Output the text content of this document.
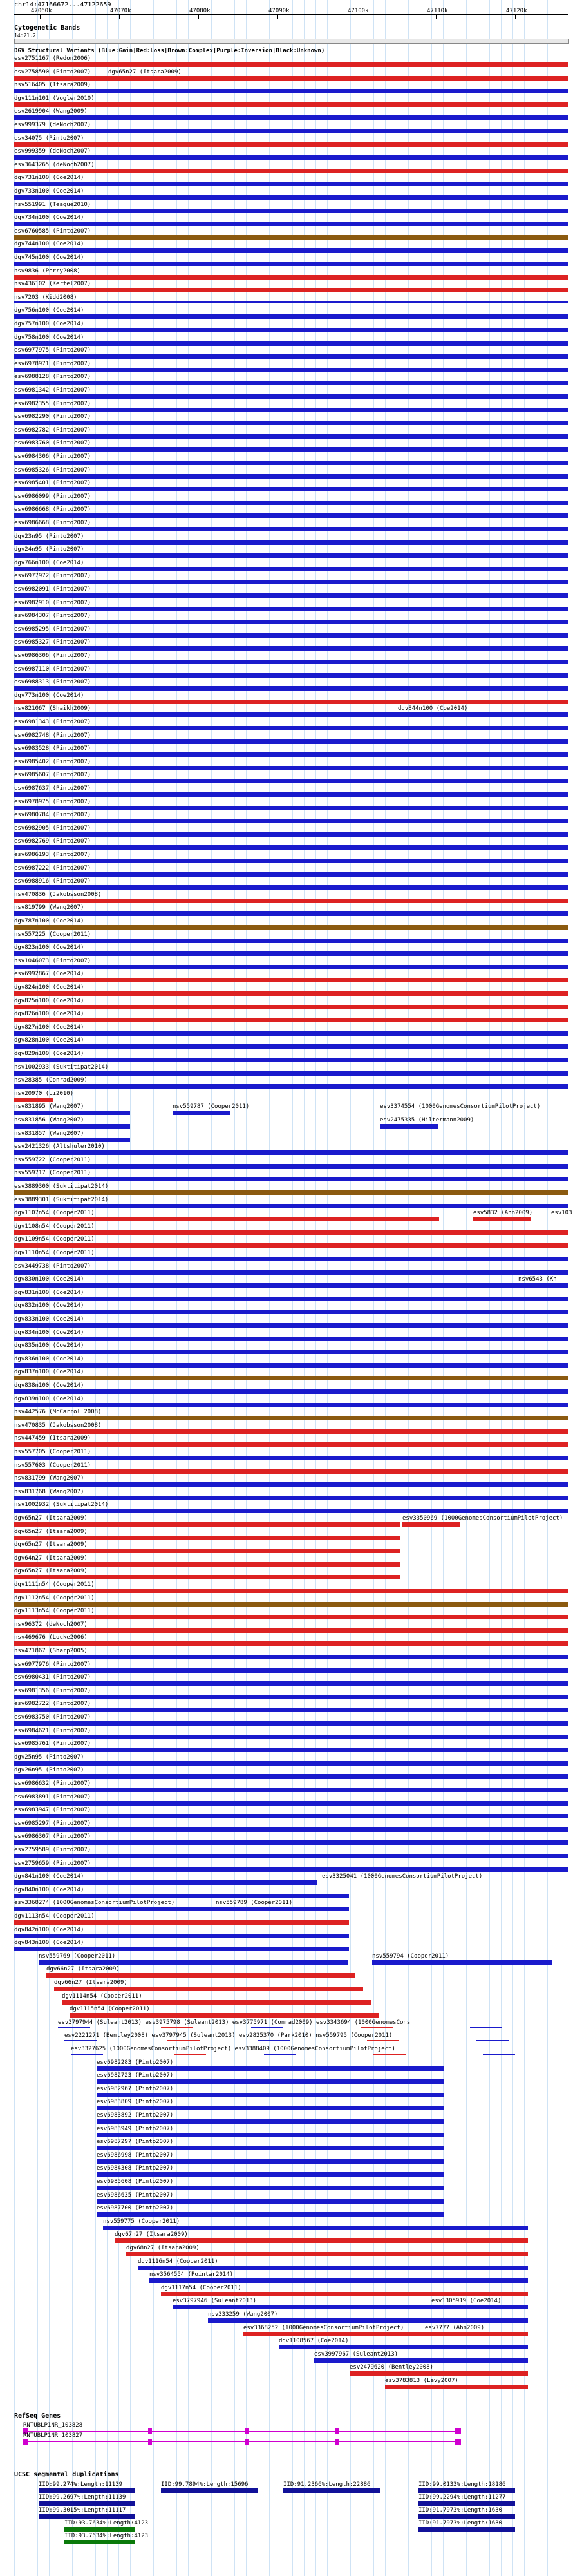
chr14:47166672...47122659
47060k	47070k	47080k	47090k	47100k	47110k	47120k
Cytogenetic Bands
14q21.2
DGV Structural Variants (Blue:Gain|Red:Loss|Brown:Complex|Purple:Inversion|Black:Unknown)
esv2751167 (Redon2006)
esv2758590 (Pinto2007)	dgv65n27 (Itsara2009)
nsv516405 (Itsara2009)
dgv111n101 (Vogler2010)
esv2619904 (Wang2009)
esv999379 (deNoch2007)
esv34075 (Pinto2007)
esv999359 (deNoch2007)
esv3643265 (deNoch2007)
dgv731n100 (Coe2014)
dgv733n100 (Coe2014)
nsv551991 (Teague2010)
dgv734n100 (Coe2014)
esv6760585 (Pinto2007)
dgv744n100 (Coe2014)
dgv745n100 (Coe2014)
nsv9836 (Perry2008)
nsv436102 (Kertel2007)
nsv7203 (Kidd2008)
dgv756n100 (Coe2014)
dgv757n100 (Coe2014)
dgv758n100 (Coe2014)
esv6977975 (Pinto2007)
esv6978971 (Pinto2007)
esv6988128 (Pinto2007)
esv6981342 (Pinto2007)
esv6982355 (Pinto2007)
esv6982290 (Pinto2007)
esv6982782 (Pinto2007)
esv6983760 (Pinto2007)
esv6984306 (Pinto2007)
esv6985326 (Pinto2007)
esv6985401 (Pinto2007)
esv6986099 (Pinto2007)
esv6986668 (Pinto2007)
esv6986668 (Pinto2007)
dgv23n95 (Pinto2007)
dgv24n95 (Pinto2007)
dgv766n100 (Coe2014)
esv6977972 (Pinto2007)
esv6982091 (Pinto2007)
esv6982910 (Pinto2007)
esv6984307 (Pinto2007)
esv6985295 (Pinto2007)
esv6985327 (Pinto2007)
esv6986306 (Pinto2007)
esv6987110 (Pinto2007)
esv6988313 (Pinto2007)
dgv773n100 (Coe2014)
nsv821067 (Shaikh2009)	dgv844n100 (Coe2014)
esv6981343 (Pinto2007)
esv6982748 (Pinto2007)
esv6983528 (Pinto2007)
esv6985402 (Pinto2007)
esv6985607 (Pinto2007)
esv6987637 (Pinto2007)
esv6978975 (Pinto2007)
esv6980784 (Pinto2007)
esv6982905 (Pinto2007)
esv6982769 (Pinto2007)
esv6986193 (Pinto2007)
esv6987222 (Pinto2007)
esv6988916 (Pinto2007)
nsv470836 (Jakobsson2008)
nsv819799 (Wang2007)
dgv787n100 (Coe2014)
nsv557225 (Cooper2011)
dgv823n100 (Coe2014)
nsv1046073 (Pinto2007)
esv6992867 (Coe2014)
dgv824n100 (Coe2014)
dgv825n100 (Coe2014)
dgv826n100 (Coe2014)
dgv827n100 (Coe2014)
dgv828n100 (Coe2014)
dgv829n100 (Coe2014)
nsv1002933 (Suktitipat2014)
nsv28385 (Conrad2009)
nsv20970 (Li2010)
nsv831895 (Wang2007)	nsv559787 (Cooper2011)	esv3374554 (1000GenomesConsortiumPilotProject)
nsv831856 (Wang2007)	esv2475335 (Hiltermann2009)
nsv831857 (Wang2007)
esv2421326 (Altshuler2010)
nsv559722 (Cooper2011)
nsv559717 (Cooper2011)
esv3889300 (Suktitipat2014)
esv3889301 (Suktitipat2014)
dgv1107n54 (Cooper2011)	esv5832 (Ahn2009)	esv103
dgv1108n54 (Cooper2011)
dgv1109n54 (Cooper2011)
dgv1110n54 (Cooper2011)
esv3449738 (Pinto2007)
dgv830n100 (Coe2014)	nsv6543 (Kh
dgv831n100 (Coe2014)
dgv832n100 (Coe2014)
dgv833n100 (Coe2014)
dgv834n100 (Coe2014)
dgv835n100 (Coe2014)
dgv836n100 (Coe2014)
dgv837n100 (Coe2014)
dgv838n100 (Coe2014)
dgv839n100 (Coe2014)
nsv442576 (McCarroll2008)
nsv470835 (Jakobsson2008)
nsv447459 (Itsara2009)
nsv557705 (Cooper2011)
nsv557603 (Cooper2011)
nsv831799 (Wang2007)
nsv831768 (Wang2007)
nsv1002932 (Suktitipat2014)
dgv65n27 (Itsara2009)	esv3350969 (1000GenomesConsortiumPilotProject)
dgv65n27 (Itsara2009)
dgv65n27 (Itsara2009)
dgv64n27 (Itsara2009)
dgv65n27 (Itsara2009)
dgv1111n54 (Cooper2011)
dgv1112n54 (Cooper2011)
dgv1113n54 (Cooper2011)
nsv96372 (deNoch2007)
nsv469676 (Locke2006)
nsv471867 (Sharp2005)
esv6977976 (Pinto2007)
esv6980431 (Pinto2007)
esv6981356 (Pinto2007)
esv6982722 (Pinto2007)
esv6983750 (Pinto2007)
esv6984621 (Pinto2007)
esv6985761 (Pinto2007)
dgv25n95 (Pinto2007)
dgv26n95 (Pinto2007)
esv6986632 (Pinto2007)
esv6983891 (Pinto2007)
esv6983947 (Pinto2007)
esv6985297 (Pinto2007)
esv6986307 (Pinto2007)
esv2759589 (Pinto2007)
esv2759659 (Pinto2007)
dgv841n100 (Coe2014)	esv3325041 (1000GenomesConsortiumPilotProject)
dgv840n100 (Coe2014)
esv3368274 (1000GenomesConsortiumPilotProject)	nsv559789 (Cooper2011)
dgv1113n54 (Cooper2011)
dgv842n100 (Coe2014)
dgv843n100 (Coe2014)
nsv559769 (Cooper2011)	nsv559794 (Cooper2011)
dgv66n27 (Itsara2009)
dgv66n27 (Itsara2009)
dgv1114n54 (Cooper2011)
dgv1115n54 (Cooper2011)
esv3797944 (Suleant2013) esv3975798 (Suleant2013) esv3775971 (Conrad2009) esv3343694 (1000GenomesCons
esv2221271 (Bentley2008) esv3797945 (Suleant2013) esv2825370 (Park2010) nsv559795 (Cooper2011)
esv3327625 (1000GenomesConsortiumPilotProject) esv3388409 (1000GenomesConsortiumPilotProject)
esv6982283 (Pinto2007)
esv6982723 (Pinto2007)
esv6982967 (Pinto2007)
esv6983809 (Pinto2007)
esv6983892 (Pinto2007)
esv6983949 (Pinto2007)
esv6987297 (Pinto2007)
esv6986998 (Pinto2007)
esv6984308 (Pinto2007)
esv6985608 (Pinto2007)
esv6986635 (Pinto2007)
esv6987700 (Pinto2007)
nsv559775 (Cooper2011)
dgv67n27 (Itsara2009)
dgv68n27 (Itsara2009)
dgv1116n54 (Cooper2011)
nsv3564554 (Pointar2014)
dgv1117n54 (Cooper2011)
esv3797946 (Suleant2013)	esv1305919 (Coe2014)
nsv333259 (Wang2007)
esv3368252 (1000GenomesConsortiumPilotProject)	esv7777 (Ahn2009)
dgv1108567 (Coe2014)
esv3997967 (Suleant2013)
esv2479620 (Bentley2008)
esv3783813 (Levy2007)
RefSeq Genes
RNTUBLP1NR_103828
RNTUBLP1NR_103827
UCSC segmental duplications
IID:99.274%:Length:11139	IID:99.7894%:Length:15696	IID:91.2366%:Length:22886	IID:99.0133%:Length:18186
IID:99.2697%:Length:11139	IID:99.2294%:Length:11277
IID:99.3015%:Length:11117	IID:91.7973%:Length:1630
IID:93.7634%:Length:4123	IID:91.7973%:Length:1630
IID:93.7634%:Length:4123
